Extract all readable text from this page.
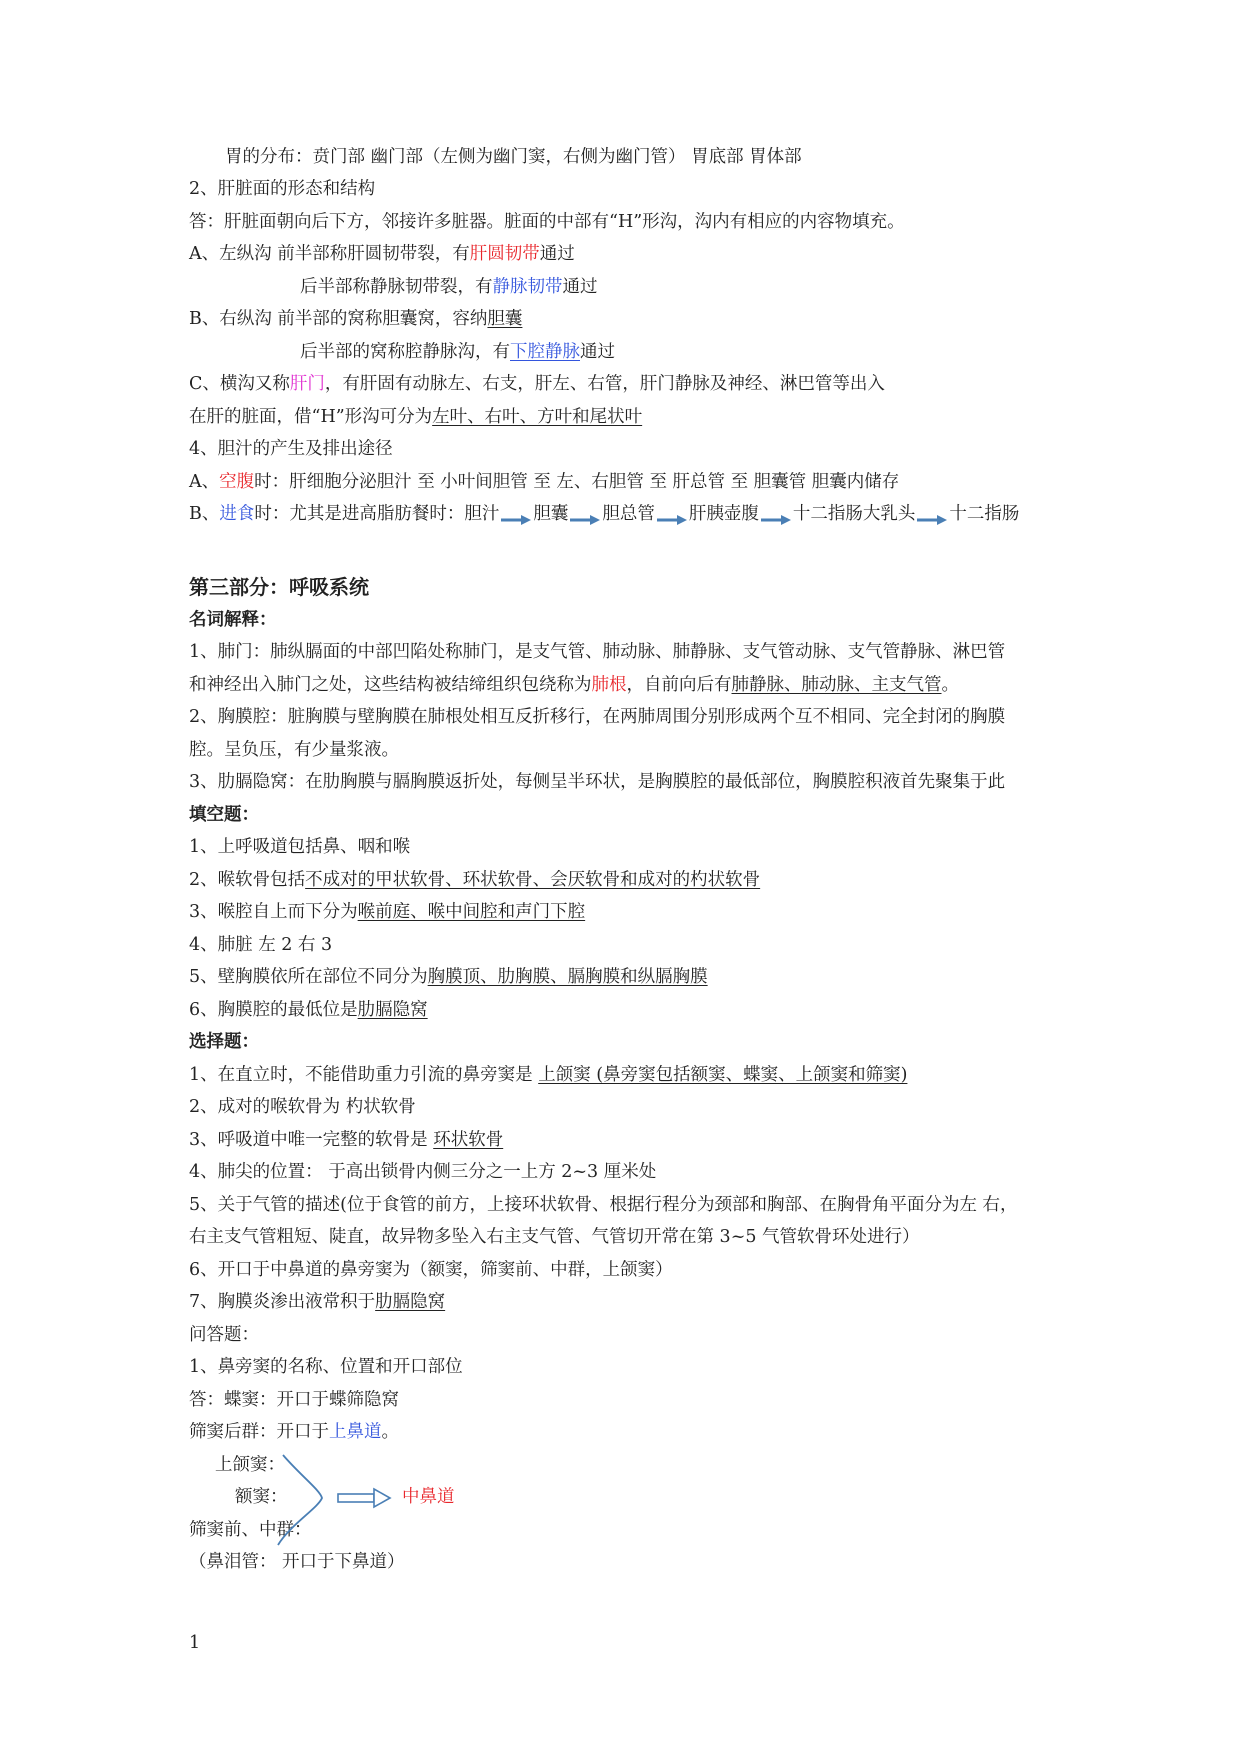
胃的分布：贲门部 幽门部（左侧为幽门窦，右侧为幽门管） 胃底部 胃体部
2、肝脏面的形态和结构
答：肝脏面朝向后下方，邻接许多脏器。脏面的中部有“H”形沟，沟内有相应的内容物填充。
A、左纵沟 前半部称肝圆韧带裂，有肝圆韧带通过
后半部称静脉韧带裂，有静脉韧带通过
B、右纵沟 前半部的窝称胆囊窝，容纳胆囊
后半部的窝称腔静脉沟，有下腔静脉通过
C、横沟又称肝门，有肝固有动脉左、右支，肝左、右管，肝门静脉及神经、淋巴管等出入
在肝的脏面，借“H”形沟可分为左叶、右叶、方叶和尾状叶
4、胆汁的产生及排出途径
A、空腹时：肝细胞分泌胆汁 至 小叶间胆管 至 左、右胆管 至 肝总管 至 胆囊管 胆囊内储存
B、进食时：尤其是进高脂肪餐时：胆汁 胆囊 胆总管 肝胰壶腹 十二指肠大乳头 十二指肠
第三部分：呼吸系统
名词解释：
1、肺门：肺纵膈面的中部凹陷处称肺门，是支气管、肺动脉、肺静脉、支气管动脉、支气管静脉、淋巴管
和神经出入肺门之处，这些结构被结缔组织包绕称为肺根，自前向后有肺静脉、肺动脉、主支气管。
2、胸膜腔：脏胸膜与壁胸膜在肺根处相互反折移行，在两肺周围分别形成两个互不相同、完全封闭的胸膜
腔。呈负压，有少量浆液。
3、肋膈隐窝：在肋胸膜与膈胸膜返折处，每侧呈半环状，是胸膜腔的最低部位，胸膜腔积液首先聚集于此
填空题：
1、上呼吸道包括鼻、咽和喉
2、喉软骨包括不成对的甲状软骨、环状软骨、会厌软骨和成对的杓状软骨
3、喉腔自上而下分为喉前庭、喉中间腔和声门下腔
4、肺脏 左 2 右 3
5、壁胸膜依所在部位不同分为胸膜顶、肋胸膜、膈胸膜和纵膈胸膜
6、胸膜腔的最低位是肋膈隐窝
选择题：
1、在直立时，不能借助重力引流的鼻旁窦是 上颌窦 (鼻旁窦包括额窦、蝶窦、上颌窦和筛窦)
2、成对的喉软骨为 杓状软骨
3、呼吸道中唯一完整的软骨是 环状软骨
4、肺尖的位置： 于高出锁骨内侧三分之一上方 2~3 厘米处
5、关于气管的描述(位于食管的前方，上接环状软骨、根据行程分为颈部和胸部、在胸骨角平面分为左 右，
右主支气管粗短、陡直，故异物多坠入右主支气管、气管切开常在第 3~5 气管软骨环处进行）
6、开口于中鼻道的鼻旁窦为（额窦，筛窦前、中群，上颌窦）
7、胸膜炎渗出液常积于肋膈隐窝
问答题：
1、鼻旁窦的名称、位置和开口部位
答：蝶窦：开口于蝶筛隐窝
筛窦后群：开口于上鼻道。
上颌窦：
额窦：	中鼻道
筛窦前、中群：
（鼻泪管： 开口于下鼻道）
1
